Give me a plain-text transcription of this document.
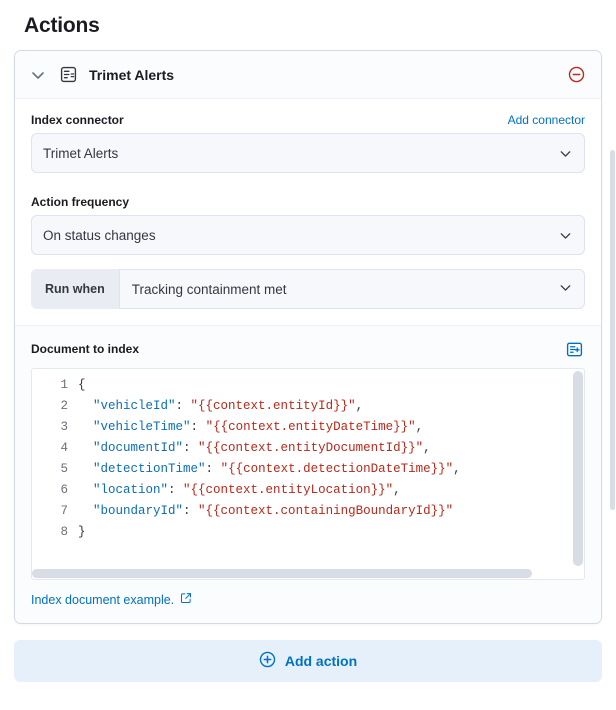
Actions
Trimet Alerts
Index connector	Add connector
Trimet Alerts
Action frequency
On status changes
Run when	Tracking containment met
Document to index
1
2
3
4
5
6
7
8
{
"vehicleId": "{{context.entityId}}",
"vehicleTime": "{{context.entityDateTime}}",
"documentId": "{{context.entityDocumentId}}",
"detectionTime": "{{context.detectionDateTime}}",
"location": "{{context.entityLocation}}",
"boundaryId": "{{context.containingBoundaryId}}"
}
Index document example.
Add action
